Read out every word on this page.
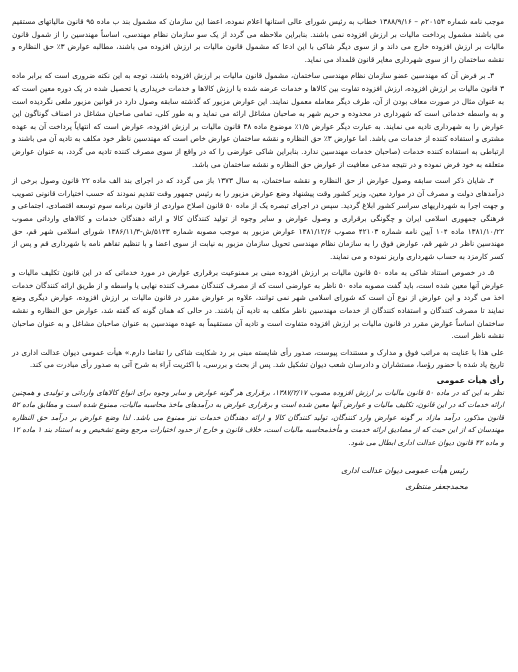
موجب نامه شماره ۲۰۱۵۳م – ۱۳۸۸/۹/۱۶ خطاب به رئیس شورای عالی استانها اعلام نموده، اعضا این سازمان که مشمول بند ب ماده ۹۵ قانون مالیاتهای مستقیم می باشند مشمول پرداخت مالیات بر ارزش افزوده نمی باشند. بنابراین ملاحظه می گردد از یک سو سازمان نظام مهندسی، اساساً مهندسین را از شمول قانون مالیات بر ارزش افزوده خارج می داند و از سوی دیگر شاکی با این ادعا که مشمول قانون مالیات بر ارزش افزوده می باشند، مطالبه عوارض ۳٪ حق النظاره و نقشه ساختمان را از سوی شهرداری مغایر قانون قلمداد می نماید.

۳ـ بر فرض آن که مهندسین عضو سازمان نظام مهندسی ساختمان، مشمول قانون مالیات بر ارزش افزوده باشند، توجه به این نکته ضروری است که برابر ماده ۳ قانون مالیات بر ارزش افزوده، ارزش افزوده تفاوت بین کالاها و خدمات عرضه شده با ارزش کالاها و خدمات خریداری یا تحصیل شده در یک دوره معین است که به عنوان مثال در صورت معاف بودن از آن، طرف دیگر معامله معمول نمایند. این عوارض مزبور که گذشته سابقه وصول دارد در قوانین مزبور ملغی نگردیده است و به واسطه خدماتی است که شهرداری در محدوده و حریم شهر به صاحبان مشاغل ارائه می نماید و به طور کلی، تمامی صاحبان مشاغل در اصناف گوناگون این عوارض را به شهرداری تادیه می نمایند. به عبارت دیگر عوارض ۱/۵٪ موضوع ماده ۳۸ قانون مالیات بر ارزش افزوده، عوارض است که انتهایاً پرداخت آن به عهده مشتری و استفاده کننده از خدمات می باشد. اما عوارض ۳٪ حق النظاره و نقشه ساختمان عوارض خاص است که مهندسین ناظر خود مکلف به تادیه آن می باشند و ارتباطی به استفاده کننده خدمات (صاحبان خدمات مهندسین ندارد. بنابراین شاکی عوارضی را که در واقع از سوی مصرف کننده تادیه می گردد، به عنوان عوارض متعلقه به خود فرض نموده و در نتیجه مدعی معافیت از عوارض حق النظاره و نقشه ساختمان می باشد.

۴ـ شایان ذکر است سابقه وصول عوارض از حق النظاره و نقشه ساختمان، به سال ۱۳۷۳ باز می گردد که در اجرای بند الف ماده ۲۲ قانون وصول برخی از درآمدهای دولت و مصرف آن در موارد معین، وزیر کشور وقت پیشنهاد وضع عوارض مزبور را به رئیس جمهور وقت تقدیم نمودند که حسب اختیارات قانونی تصویب و جهت اجرا به شهرداریهای سراسر کشور ابلاغ گردید. سپس در اجرای تبصره یک از ماده ۵۰ قانون اصلاح مواردی از قانون برنامه سوم توسعه اقتصادی، اجتماعی و فرهنگی جمهوری اسلامی ایران و چگونگی برقراری و وصول عوارض و سایر وجوه از تولید کنندگان کالا و ارائه دهندگان خدمات و کالاهای وارداتی مصوب ۱۳۸۱/۱۰/۲۲ ماده ۱۰۴ آیین نامه شماره ۴۲۱۰۳ مصوب ۱۳۸۱/۱۲/۶ عوارض مزبور به موجب مصوبه شماره ۵۱۴۳/ش-۱۳۸۶/۱۱/۳ شورای اسلامی شهر قم، حق مهندسین ناظر در شهر قم، عوارض فوق را به سازمان نظام مهندسی تحویل سازمان مزبور به نیابت از سوی اعضا و با تنظیم تفاهم نامه با شهرداری قم و پس از کسر کارمزد به حساب شهرداری واریز نموده و می نمایند.

۵ـ در خصوص استناد شاکی به ماده ۵۰ قانون مالیات بر ارزش افزوده مبنی بر ممنوعیت برقراری عوارض در مورد خدماتی که در این قانون تکلیف مالیات و عوارض آنها معین شده است، باید گفت مصوبه ماده ۵۰ ناظر به عوارضی است که از مصرف کنندگان مصرف کننده نهایی یا واسطه و از طریق ارائه کنندگان خدمات اخذ می گردد و این عوارض از نوع آن است که شورای اسلامی شهر نمی توانند، علاوه بر عوارض مقرر در قانون مالیات بر ارزش افزوده، عوارض دیگری وضع نمایند تا مصرف کنندگان و استفاده کنندگان از خدمات مهندسین ناظر مکلف به تادیه آن باشند. در حالی که همان گونه که گفته شد، عوارض حق النظاره و نقشه ساختمان اساساً عوارض مقرر در قانون مالیات بر ارزش افزوده متفاوت است و تادیه آن مستقیماً به عهده مهندسین به عنوان صاحبان مشاغل و به عنوان صاحبان نقشه ناظر است.

علی هذا با عنایت به مراتب فوق و مدارک و مستندات پیوست، صدور رأی شایسته مبنی بر رد شکایت شاکی را تقاضا دارم.» هیأت عمومی دیوان عدالت اداری در تاریخ یاد شده با حضور رؤسا، مستشاران و دادرسان شعب دیوان تشکیل شد. پس از بحث و بررسی، با اکثریت آراء به شرح آتی به صدور رأی مبادرت می کند.

رأی هیأت عمومی

نظر به این که در ماده ۵۰ قانون مالیات بر ارزش افزوده مصوب ۱۳۸۷/۲/۱۷، برقراری هر گونه عوارض و سایر وجوه برای انواع کالاهای وارداتی و تولیدی و همچنین ارائه خدمات که در این قانون، تکلیف مالیات و عوارض آنها معین شده است و برقراری عوارض به درآمدهای ماخذ محاسبه مالیات، ممنوع شده است و مطابق ماده ۵۲ قانون مذکور، درآمد مازاد بر گونه عوارض وارد کنندگان، تولید کنندگان کالا و ارائه دهندگان خدمات نیز ممنوع می باشد. لذا وضع عوارض بر درآمد حق النظاره مهندسان که از این حیث که از مصادیق ارائه خدمت و مأخذمحاسبه مالیات است، خلاف قانون و خارج از حدود اختیارات مرجع وضع تشخیص و به استناد بند ۱ ماده ۱۲ و ماده ۴۲ قانون دیوان عدالت اداری ابطال می شود.

رئیس هیأت عمومی دیوان عدالت اداری
محمدجعفر منتظری
